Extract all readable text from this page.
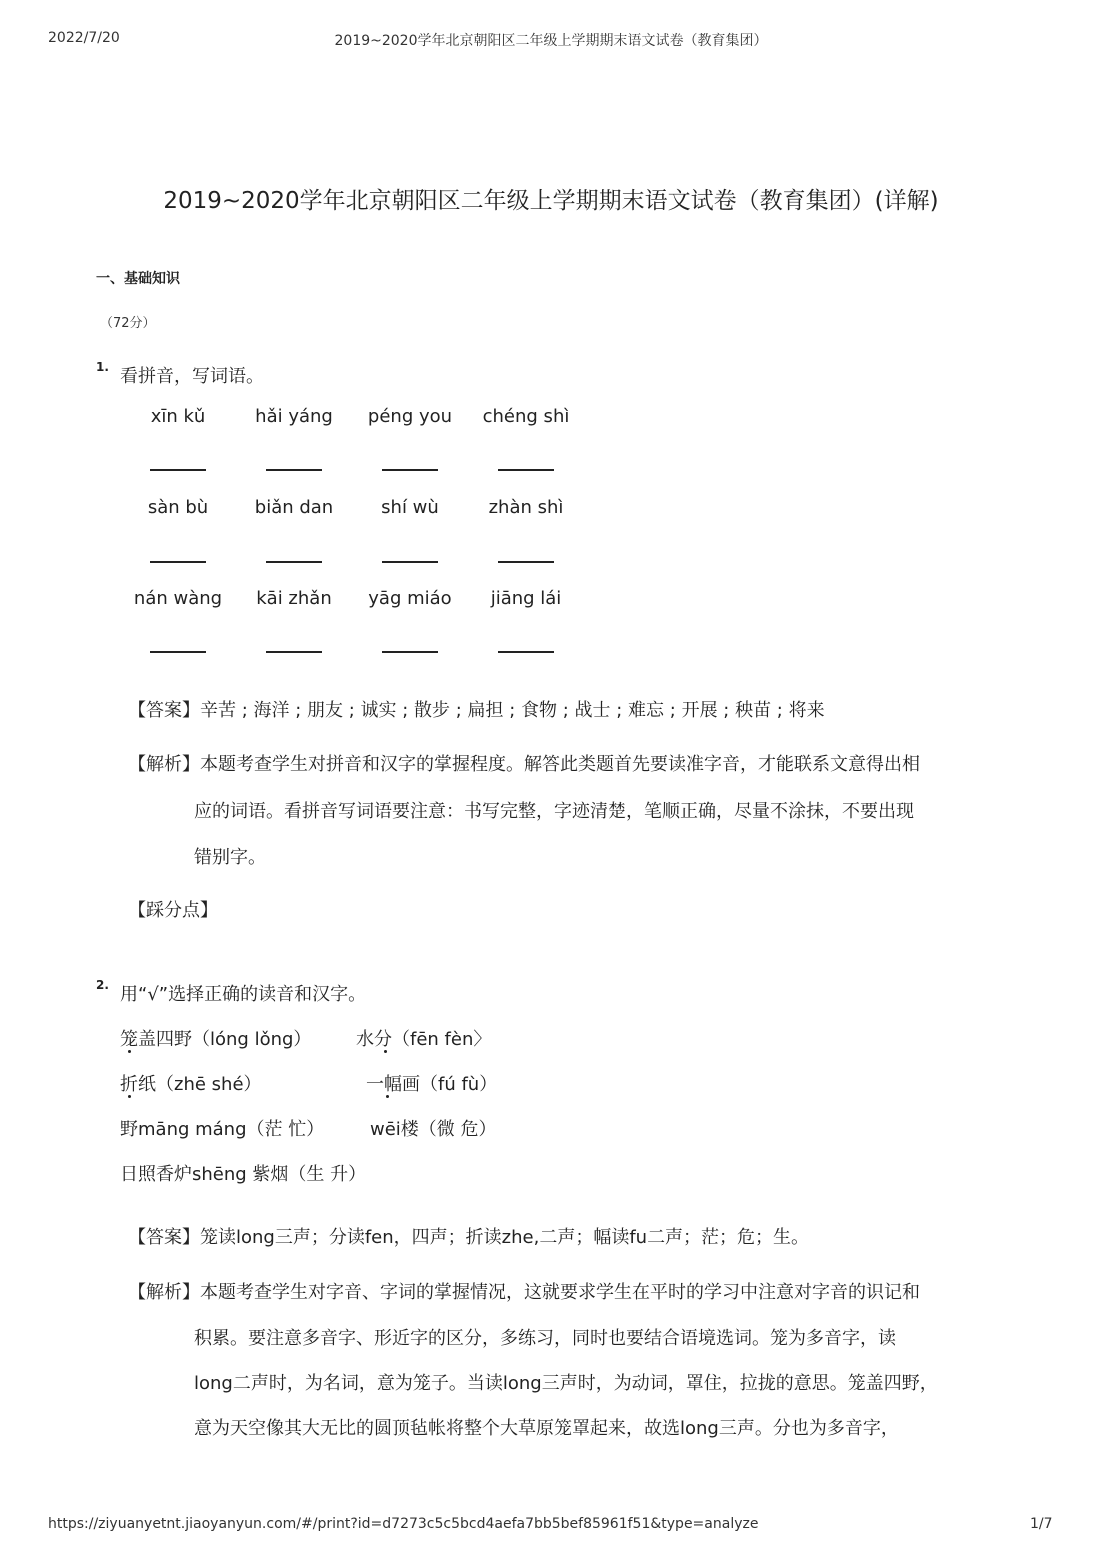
2022/7/20	2019~2020学年北京朝阳区二年级上学期期末语文试卷（教育集团）
2019~2020学年北京朝阳区二年级上学期期末语文试卷（教育集团）(详解)
一、基础知识
（72分）
1. 看拼音，写词语。
xīn kǔ	hǎi yáng	péng you	chéng shì
sàn bù	biǎn dan	shí wù	zhàn shì
nán wàng	kāi zhǎn	yāg miáo	jiāng lái
【答案】辛苦 ; 海洋 ; 朋友 ; 诚实 ; 散步 ; 扁担 ; 食物 ; 战士 ; 难忘 ; 开展 ; 秧苗 ; 将来
【解析】本题考查学生对拼音和汉字的掌握程度。解答此类题首先要读准字音，才能联系文意得出相
应的词语。看拼音写词语要注意：书写完整，字迹清楚，笔顺正确，尽量不涂抹，不要出现
错别字。
【踩分点】
2. 用“√”选择正确的读音和汉字。
笼盖四野（lóng lǒng） 水分（fēn fèn〉
折纸（zhē shé）	一幅画（fú fù）
野māng máng（茫 忙）	wēi楼（微 危）
日照香炉shēng 紫烟（生 升）
【答案】笼读long三声；分读fen，四声；折读zhe,二声；幅读fu二声；茫；危；生。
【解析】本题考查学生对字音、字词的掌握情况，这就要求学生在平时的学习中注意对字音的识记和
积累。要注意多音字、形近字的区分，多练习，同时也要结合语境选词。笼为多音字，读
long二声时，为名词，意为笼子。当读long三声时，为动词，罩住，拉拢的意思。笼盖四野，
意为天空像其大无比的圆顶毡帐将整个大草原笼罩起来，故选long三声。分也为多音字，
https://ziyuanyetnt.jiaoyanyun.com/#/print?id=d7273c5c5bcd4aefa7bb5bef85961f51&type=analyze	1/7
